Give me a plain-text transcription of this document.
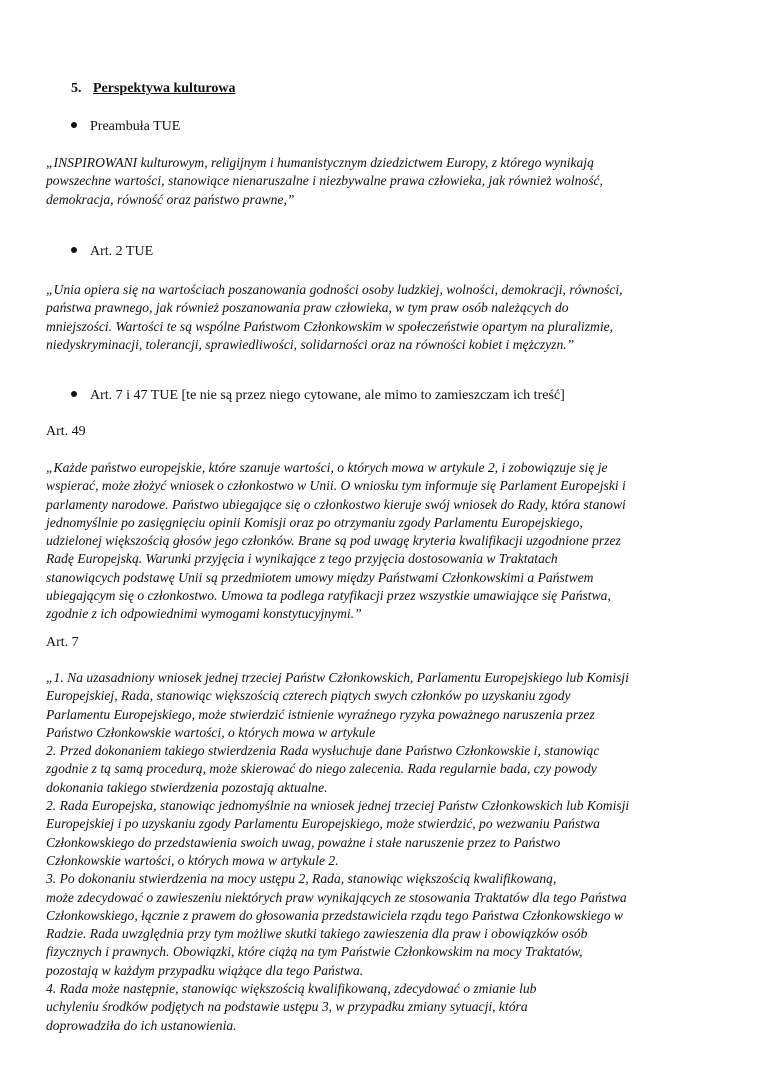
5. Perspektywa kulturowa
Preambuła TUE
„INSPIROWANI kulturowym, religijnym i humanistycznym dziedzictwem Europy, z którego wynikają
powszechne wartości, stanowiące nienaruszalne i niezbywalne prawa człowieka, jak również wolność,
demokracja, równość oraz państwo prawne,”
Art. 2 TUE
„Unia opiera się na wartościach poszanowania godności osoby ludzkiej, wolności, demokracji, równości,
państwa prawnego, jak również poszanowania praw człowieka, w tym praw osób należących do
mniejszości. Wartości te są wspólne Państwom Członkowskim w społeczeństwie opartym na pluralizmie,
niedyskryminacji, tolerancji, sprawiedliwości, solidarności oraz na równości kobiet i mężczyzn.”
Art. 7 i 47 TUE [te nie są przez niego cytowane, ale mimo to zamieszczam ich treść]
Art. 49
„Każde państwo europejskie, które szanuje wartości, o których mowa w artykule 2, i zobowiązuje się je
wspierać, może złożyć wniosek o członkostwo w Unii. O wniosku tym informuje się Parlament Europejski i
parlamenty narodowe. Państwo ubiegające się o członkostwo kieruje swój wniosek do Rady, która stanowi
jednomyślnie po zasięgnięciu opinii Komisji oraz po otrzymaniu zgody Parlamentu Europejskiego,
udzielonej większością głosów jego członków. Brane są pod uwagę kryteria kwalifikacji uzgodnione przez
Radę Europejską. Warunki przyjęcia i wynikające z tego przyjęcia dostosowania w Traktatach
stanowiących podstawę Unii są przedmiotem umowy między Państwami Członkowskimi a Państwem
ubiegającym się o członkostwo. Umowa ta podlega ratyfikacji przez wszystkie umawiające się Państwa,
zgodnie z ich odpowiednimi wymogami konstytucyjnymi.”
Art. 7
„1. Na uzasadniony wniosek jednej trzeciej Państw Członkowskich, Parlamentu Europejskiego lub Komisji
Europejskiej, Rada, stanowiąc większością czterech piątych swych członków po uzyskaniu zgody
Parlamentu Europejskiego, może stwierdzić istnienie wyraźnego ryzyka poważnego naruszenia przez
Państwo Członkowskie wartości, o których mowa w artykule
2. Przed dokonaniem takiego stwierdzenia Rada wysłuchuje dane Państwo Członkowskie i, stanowiąc
zgodnie z tą samą procedurą, może skierować do niego zalecenia. Rada regularnie bada, czy powody
dokonania takiego stwierdzenia pozostają aktualne.
2. Rada Europejska, stanowiąc jednomyślnie na wniosek jednej trzeciej Państw Członkowskich lub Komisji
Europejskiej i po uzyskaniu zgody Parlamentu Europejskiego, może stwierdzić, po wezwaniu Państwa
Członkowskiego do przedstawienia swoich uwag, poważne i stałe naruszenie przez to Państwo
Członkowskie wartości, o których mowa w artykule 2.
3. Po dokonaniu stwierdzenia na mocy ustępu 2, Rada, stanowiąc większością kwalifikowaną,
może zdecydować o zawieszeniu niektórych praw wynikających ze stosowania Traktatów dla tego Państwa
Członkowskiego, łącznie z prawem do głosowania przedstawiciela rządu tego Państwa Członkowskiego w
Radzie. Rada uwzględnia przy tym możliwe skutki takiego zawieszenia dla praw i obowiązków osób
fizycznych i prawnych. Obowiązki, które ciążą na tym Państwie Członkowskim na mocy Traktatów,
pozostają w każdym przypadku wiążące dla tego Państwa.
4. Rada może następnie, stanowiąc większością kwalifikowaną, zdecydować o zmianie lub
uchyleniu środków podjętych na podstawie ustępu 3, w przypadku zmiany sytuacji, która
doprowadziła do ich ustanowienia.
